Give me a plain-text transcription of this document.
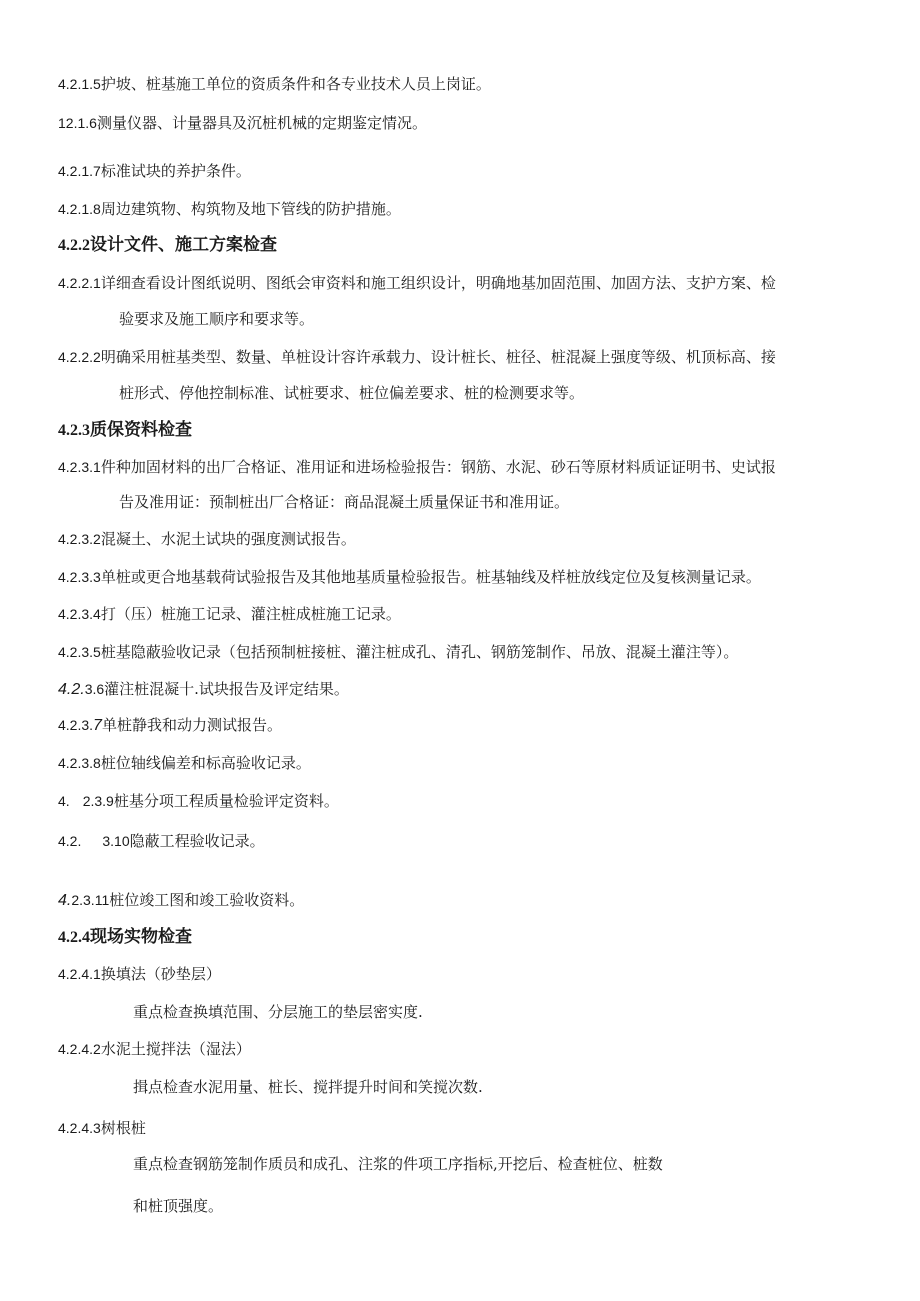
4.2.1.5护坡、桩基施工单位的资质条件和各专业技术人员上岗证。
12.1.6测量仪器、计量器具及沉桩机械的定期鉴定情况。
4.2.1.7标准试块的养护条件。
4.2.1.8周边建筑物、构筑物及地下管线的防护措施。
4.2.2设计文件、施工方案检查
4.2.2.1详细查看设计图纸说明、图纸会审资料和施工组织设计，明确地基加固范围、加固方法、支护方案、检
验要求及施工顺序和要求等。
4.2.2.2明确采用桩基类型、数量、单桩设计容许承载力、设计桩长、桩径、桩混凝上强度等级、机顶标高、接
桩形式、停他控制标准、试桩要求、桩位偏差要求、桩的检测要求等。
4.2.3质保资料检查
4.2.3.1件种加固材料的出厂合格证、准用证和进场检验报告：钢筋、水泥、砂石等原材料质证证明书、史试报
告及准用证：预制桩出厂合格证：商品混凝土质量保证书和准用证。
4.2.3.2混凝土、水泥土试块的强度测试报告。
4.2.3.3单桩或更合地基载荷试验报告及其他地基质量检验报告。桩基轴线及样桩放线定位及复核测量记录。
4.2.3.4打（压）桩施工记录、灌注桩成桩施工记录。
4.2.3.5桩基隐蔽验收记录（包括预制桩接桩、灌注桩成孔、清孔、钢筋笼制作、吊放、混凝土灌注等）。
4.2.3.6灌注桩混凝十.试块报告及评定结果。
4.2.3.7单桩静我和动力测试报告。
4.2.3.8桩位轴线偏差和标高验收记录。
4. 2.3.9桩基分项工程质量检验评定资料。
4.2. 3.10隐蔽工程验收记录。
4.2.3.11桩位竣工图和竣工验收资料。
4.2.4现场实物检查
4.2.4.1换填法（砂垫层）
重点检查换填范围、分层施工的垫层密实度.
4.2.4.2水泥土搅拌法（湿法）
揖点检查水泥用量、桩长、搅拌提升时间和笑搅次数.
4.2.4.3树根桩
重点检查钢筋笼制作质员和成孔、注浆的件项工序指标,开挖后、检查桩位、桩数
和桩顶强度。
